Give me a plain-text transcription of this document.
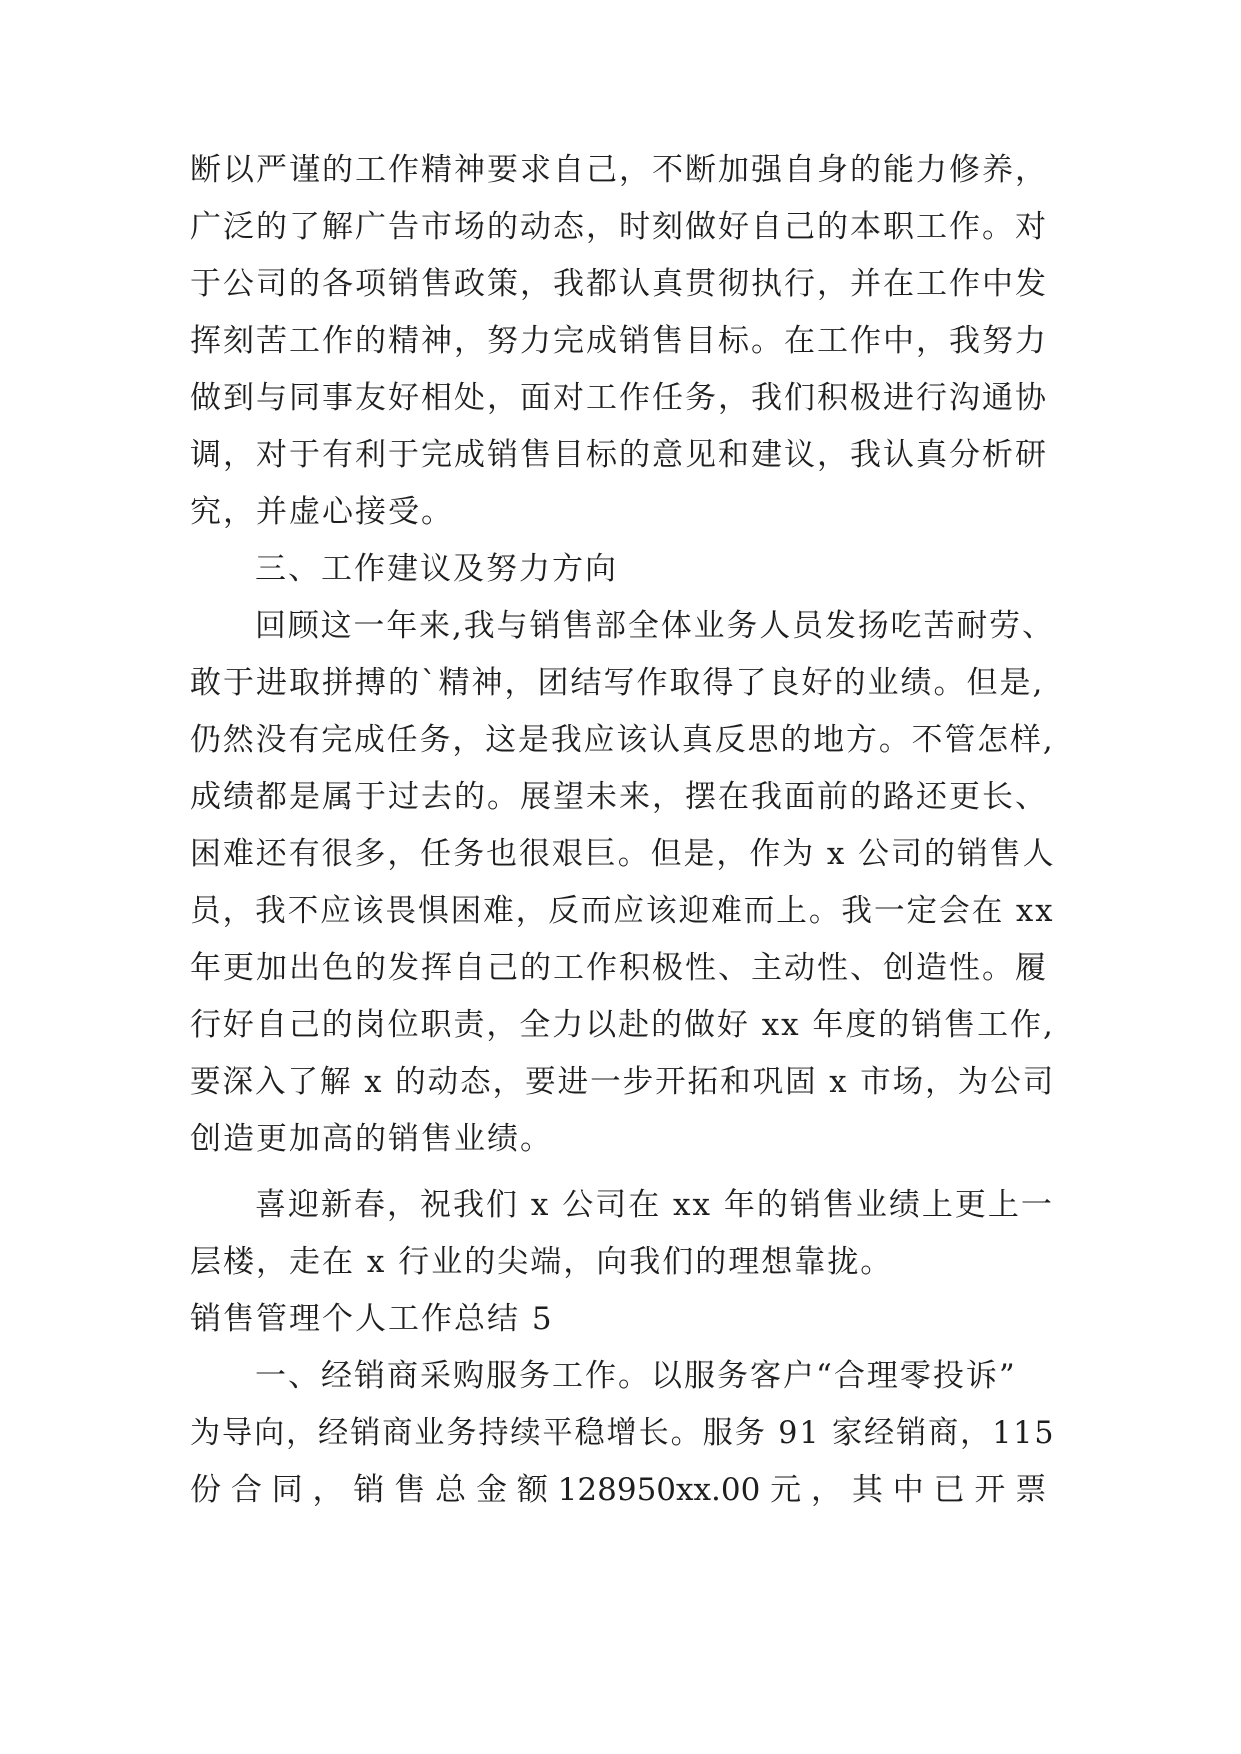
断以严谨的工作精神要求自己，不断加强自身的能力修养，
广泛的了解广告市场的动态，时刻做好自己的本职工作。对
于公司的各项销售政策，我都认真贯彻执行，并在工作中发
挥刻苦工作的精神，努力完成销售目标。在工作中，我努力
做到与同事友好相处，面对工作任务，我们积极进行沟通协
调，对于有利于完成销售目标的意见和建议，我认真分析研
究，并虚心接受。
三、工作建议及努力方向
回顾这一年来,我与销售部全体业务人员发扬吃苦耐劳、
敢于进取拼搏的`精神，团结写作取得了良好的业绩。但是,
仍然没有完成任务，这是我应该认真反思的地方。不管怎样,
成绩都是属于过去的。展望未来，摆在我面前的路还更长、
困难还有很多，任务也很艰巨。但是，作为 x 公司的销售人
员，我不应该畏惧困难，反而应该迎难而上。我一定会在 xx
年更加出色的发挥自己的工作积极性、主动性、创造性。履
行好自己的岗位职责，全力以赴的做好 xx 年度的销售工作,
要深入了解 x 的动态，要进一步开拓和巩固 x 市场，为公司
创造更加高的销售业绩。
喜迎新春，祝我们 x 公司在 xx 年的销售业绩上更上一
层楼，走在 x 行业的尖端，向我们的理想靠拢。
销售管理个人工作总结 5
一、经销商采购服务工作。以服务客户“合理零投诉”
为导向，经销商业务持续平稳增长。服务 91 家经销商，115
份 合 同 ， 销 售 总 金 额 128950xx.00 元 ， 其 中 已 开 票
